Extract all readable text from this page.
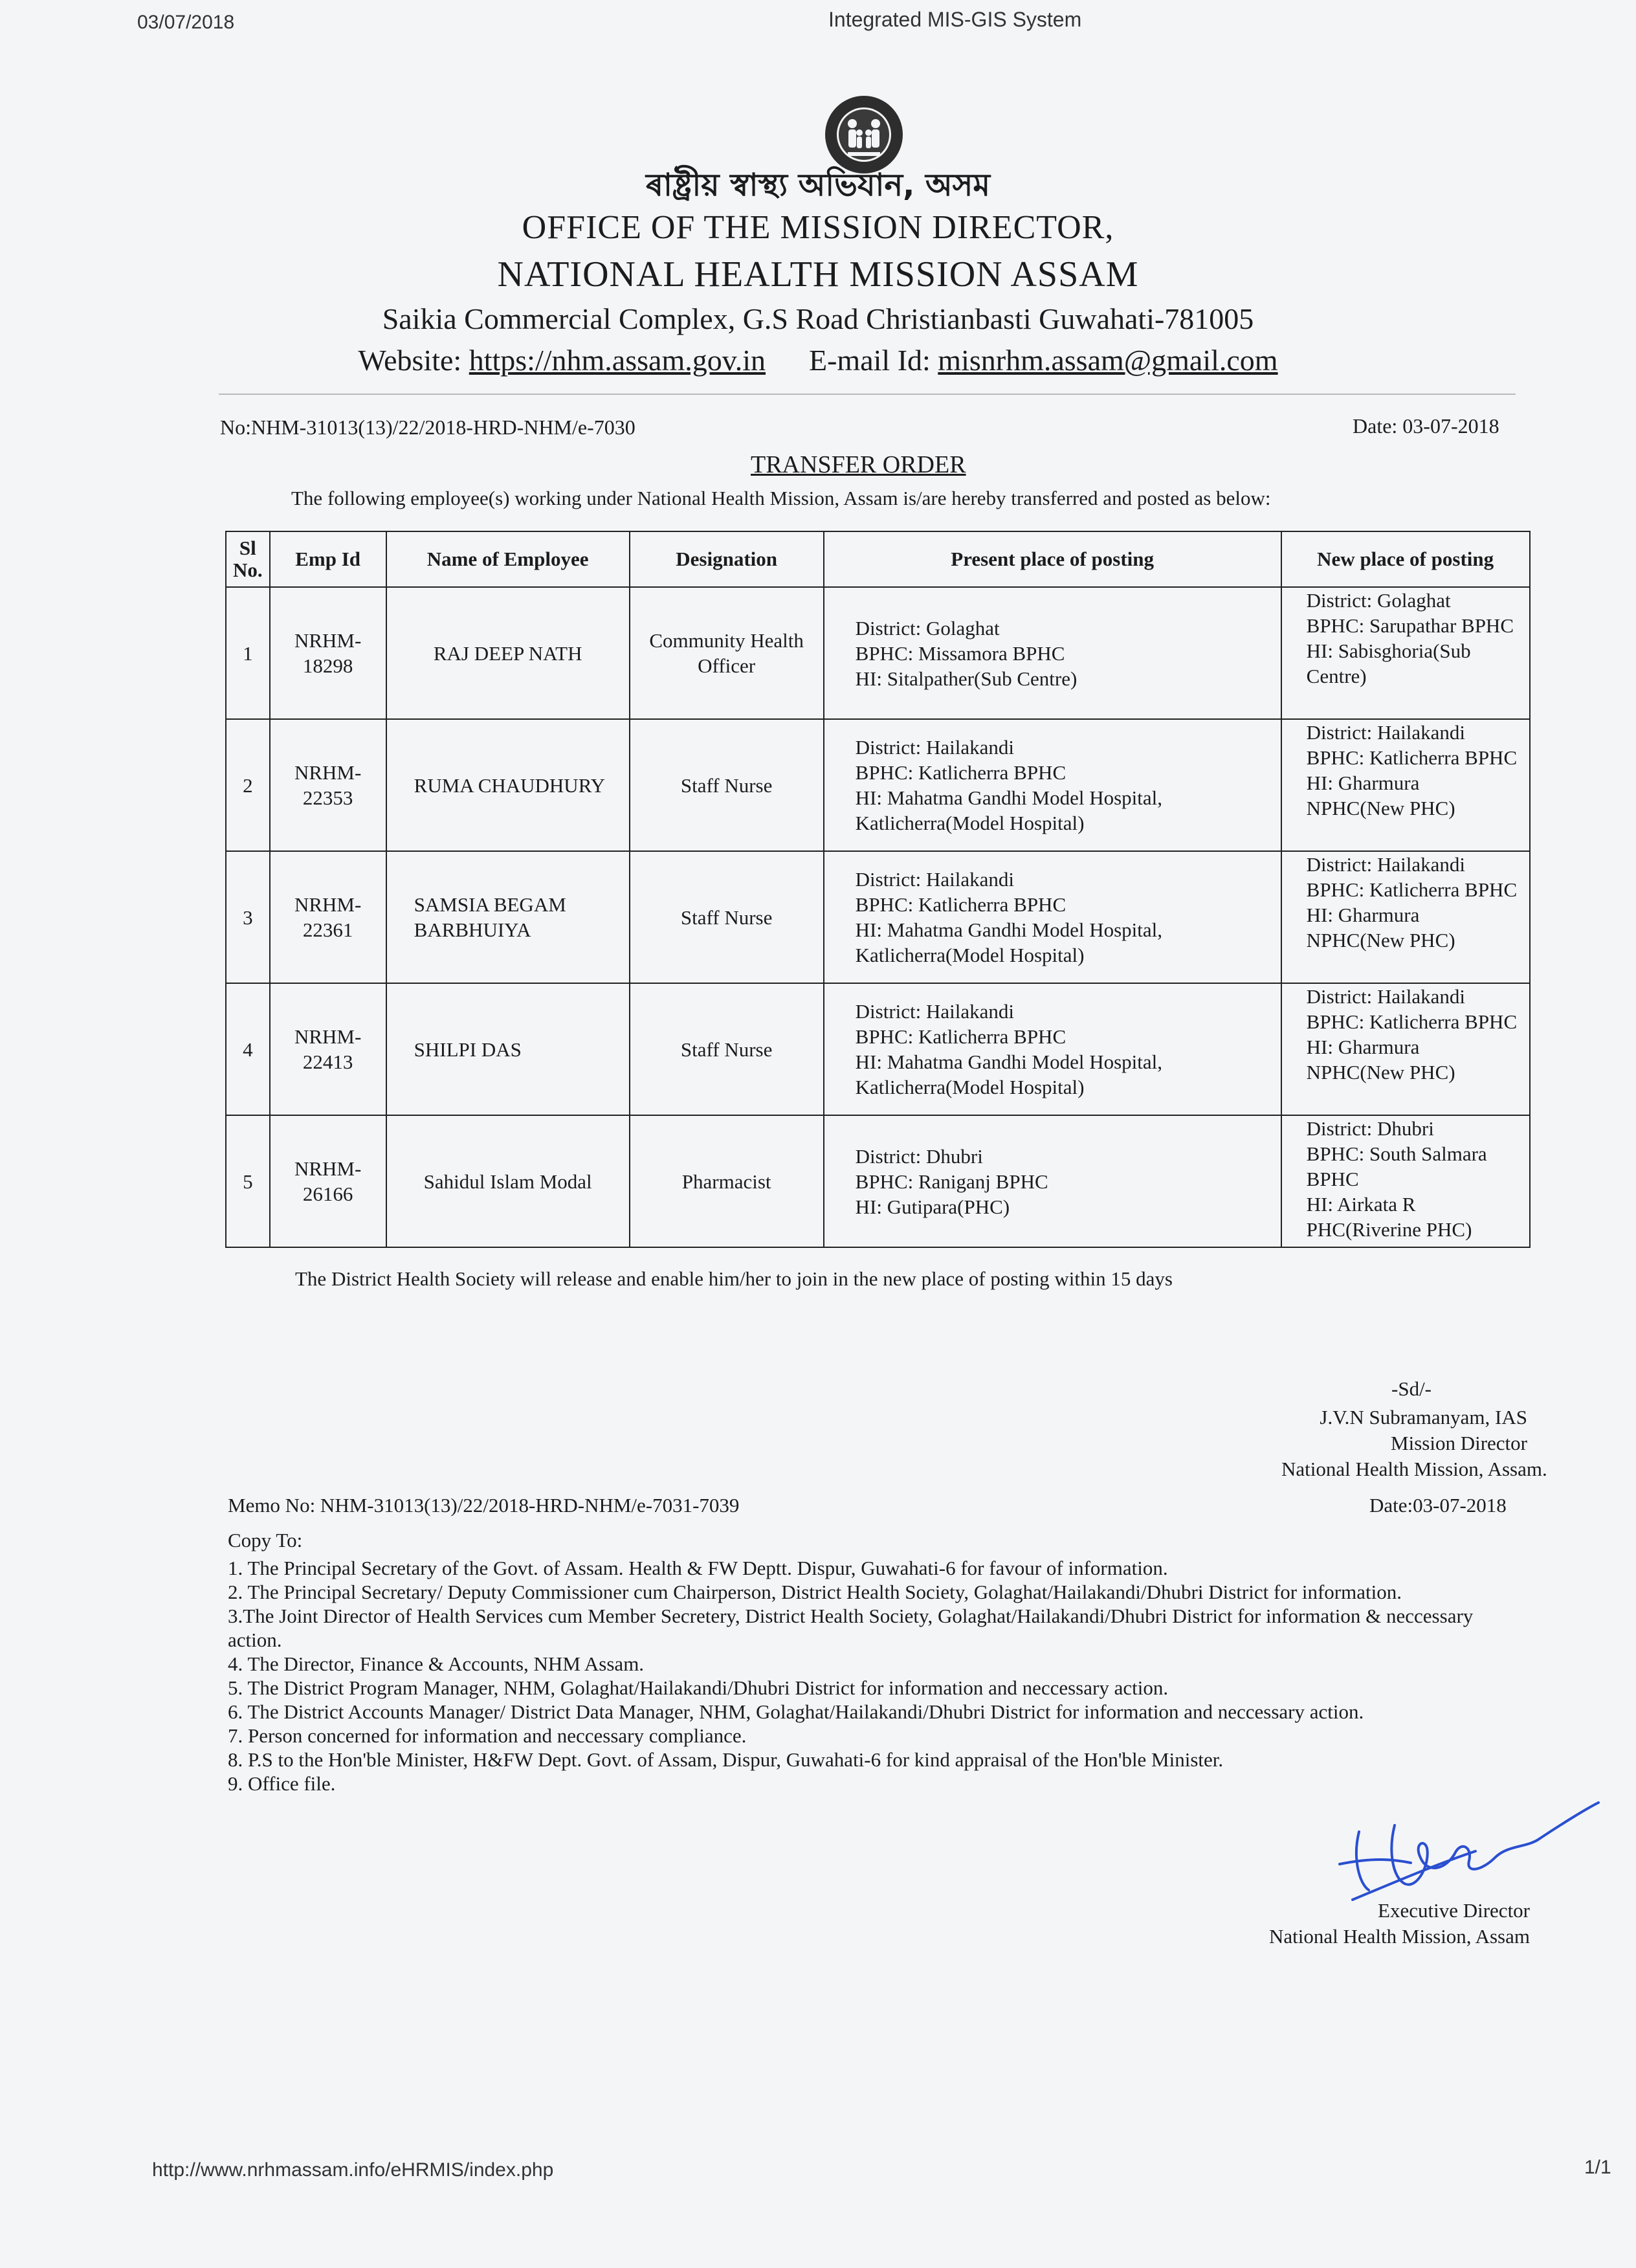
03/07/2018	Integrated MIS-GIS System
ৰাষ্ট্ৰীয় স্বাস্থ্য অভিযান, অসম
OFFICE OF THE MISSION DIRECTOR,
NATIONAL HEALTH MISSION ASSAM
Saikia Commercial Complex, G.S Road Christianbasti Guwahati-781005
Website: https://nhm.assam.gov.in E-mail Id: misnrhm.assam@gmail.com
No:NHM-31013(13)/22/2018-HRD-NHM/e-7030	Date: 03-07-2018
TRANSFER ORDER
The following employee(s) working under National Health Mission, Assam is/are hereby transferred and posted as below:
Sl No.	Emp Id	Name of Employee	Designation	Present place of posting	New place of posting
1	NRHM-18298	RAJ DEEP NATH	Community Health Officer	District: Golaghat
BPHC: Missamora BPHC
HI: Sitalpather(Sub Centre)	District: Golaghat
BPHC: Sarupathar BPHC
HI: Sabisghoria(Sub Centre)
2	NRHM-22353	RUMA CHAUDHURY	Staff Nurse	District: Hailakandi
BPHC: Katlicherra BPHC
HI: Mahatma Gandhi Model Hospital, Katlicherra(Model Hospital)	District: Hailakandi
BPHC: Katlicherra BPHC
HI: Gharmura NPHC(New PHC)
3	NRHM-22361	SAMSIA BEGAM BARBHUIYA	Staff Nurse	District: Hailakandi
BPHC: Katlicherra BPHC
HI: Mahatma Gandhi Model Hospital, Katlicherra(Model Hospital)	District: Hailakandi
BPHC: Katlicherra BPHC
HI: Gharmura NPHC(New PHC)
4	NRHM-22413	SHILPI DAS	Staff Nurse	District: Hailakandi
BPHC: Katlicherra BPHC
HI: Mahatma Gandhi Model Hospital, Katlicherra(Model Hospital)	District: Hailakandi
BPHC: Katlicherra BPHC
HI: Gharmura NPHC(New PHC)
5	NRHM-26166	Sahidul Islam Modal	Pharmacist	District: Dhubri
BPHC: Raniganj BPHC
HI: Gutipara(PHC)	District: Dhubri
BPHC: South Salmara BPHC
HI: Airkata R PHC(Riverine PHC)
The District Health Society will release and enable him/her to join in the new place of posting within 15 days
-Sd/-
J.V.N Subramanyam, IAS
Mission Director
National Health Mission, Assam.
Memo No: NHM-31013(13)/22/2018-HRD-NHM/e-7031-7039	Date:03-07-2018
Copy To:
1. The Principal Secretary of the Govt. of Assam. Health & FW Deptt. Dispur, Guwahati-6 for favour of information.
2. The Principal Secretary/ Deputy Commissioner cum Chairperson, District Health Society, Golaghat/Hailakandi/Dhubri District for information.
3.The Joint Director of Health Services cum Member Secretery, District Health Society, Golaghat/Hailakandi/Dhubri District for information & neccessary action.
4. The Director, Finance & Accounts, NHM Assam.
5. The District Program Manager, NHM, Golaghat/Hailakandi/Dhubri District for information and neccessary action.
6. The District Accounts Manager/ District Data Manager, NHM, Golaghat/Hailakandi/Dhubri District for information and neccessary action.
7. Person concerned for information and neccessary compliance.
8. P.S to the Hon'ble Minister, H&FW Dept. Govt. of Assam, Dispur, Guwahati-6 for kind appraisal of the Hon'ble Minister.
9. Office file.
Executive Director
National Health Mission, Assam
http://www.nrhmassam.info/eHRMIS/index.php	1/1
